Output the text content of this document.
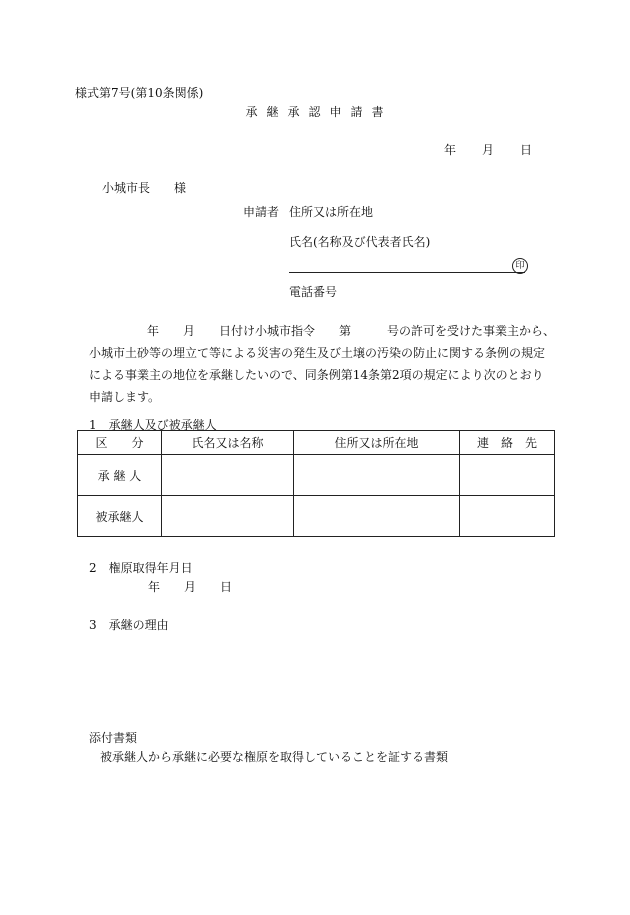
様式第7号(第10条関係)
承継承認申請書
年 月 日
小城市長　　様
申請者 住所又は所在地
氏名(名称及び代表者氏名)
印
電話番号
年　　月　　日付け小城市指令　　第　　　号の許可を受けた事業主から、
小城市土砂等の埋立て等による災害の発生及び土壌の汚染の防止に関する条例の規定による事業主の地位を承継したいので、同条例第14条第2項の規定により次のとおり申請します。
1　承継人及び被承継人
区　　分	氏名又は名称	住所又は所在地	連　絡　先
承 継 人			
被承継人			
2　権原取得年月日
年　　月　　日
3　承継の理由
添付書類
被承継人から承継に必要な権原を取得していることを証する書類
